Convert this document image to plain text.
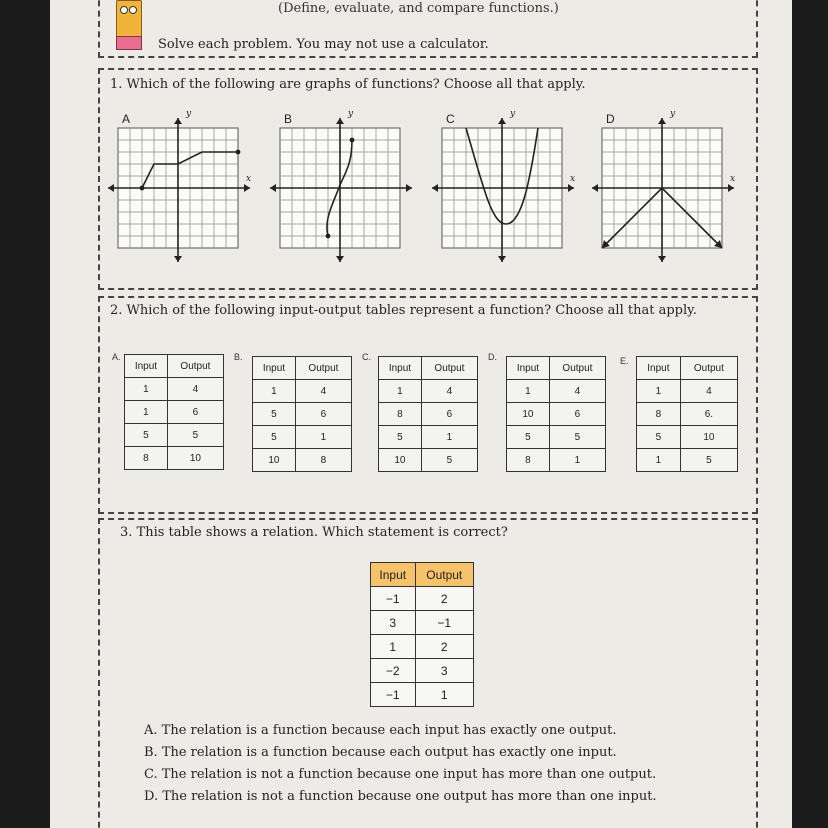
(Define, evaluate, and compare functions.)
Solve each problem. You may not use a calculator.
1. Which of the following are graphs of functions? Choose all that apply.
A	y
x
B	y	C	y
x
D	y
x
2. Which of the following input-output tables represent a function? Choose all that apply.
A.
Input	Output
1	4
1	6
5	5
8	10
B.
Input	Output
1	4
5	6
5	1
10	8
C.
Input	Output
1	4
8	6
5	1
10	5
D.
Input	Output
1	4
10	6
5	5
8	1
E.
Input	Output
1	4
8	6.
5	10
1	5
3. This table shows a relation. Which statement is correct?
Input	Output
−1	2
3	−1
1	2
−2	3
−1	1
A. The relation is a function because each input has exactly one output.
B. The relation is a function because each output has exactly one input.
C. The relation is not a function because one input has more than one output.
D. The relation is not a function because one output has more than one input.
